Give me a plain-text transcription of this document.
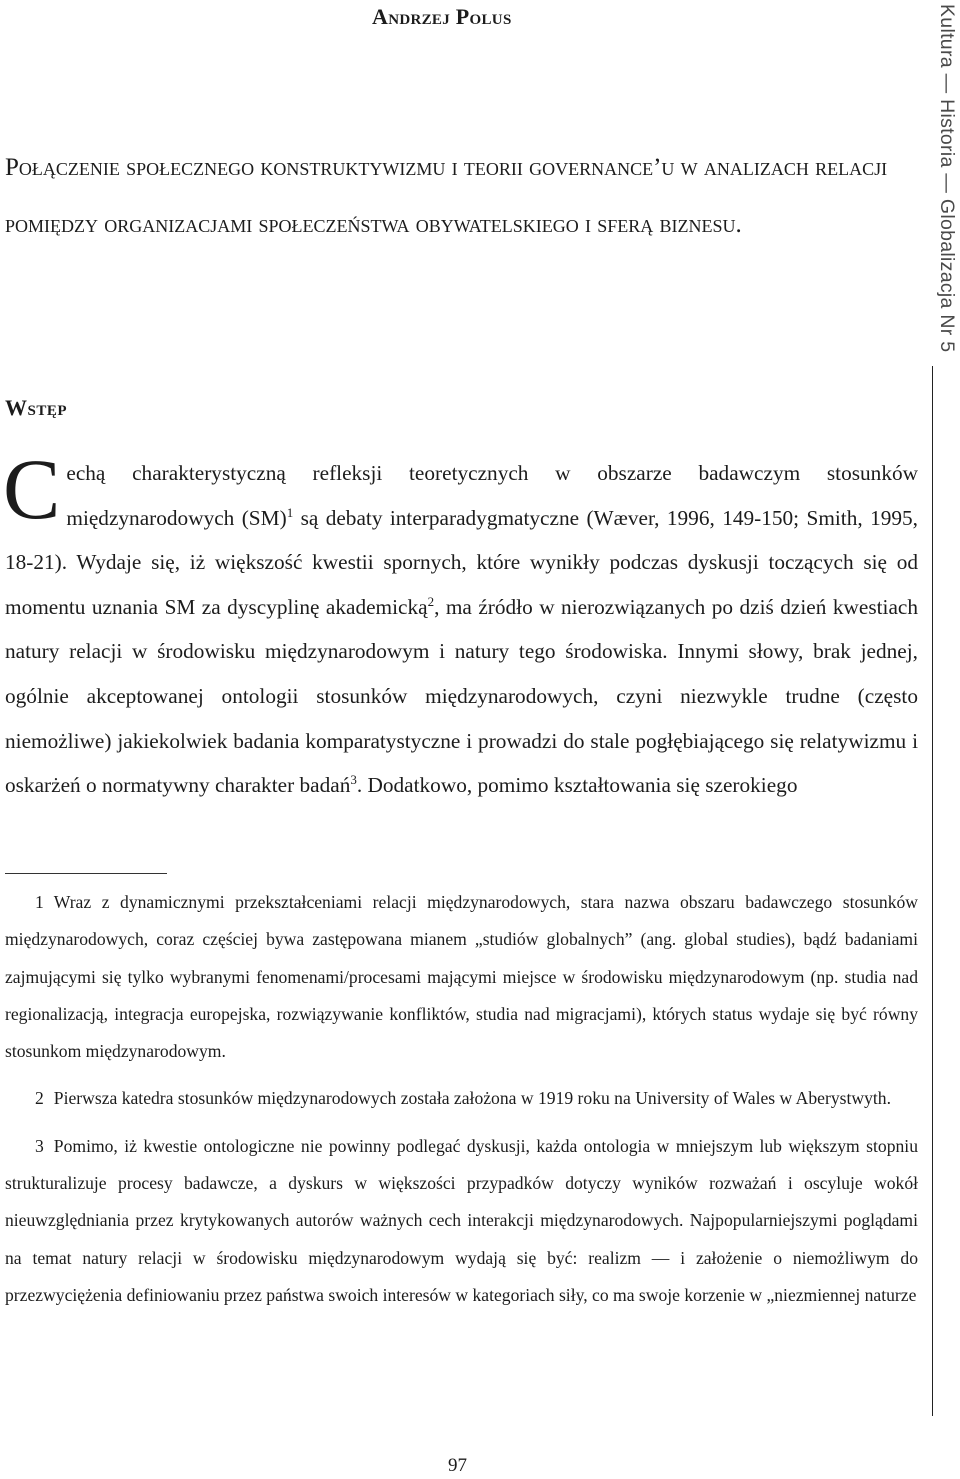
Andrzej Polus	Kultura — Historia — Globalizacja Nr 5
Połączenie społecznego konstruktywizmu i teorii governance’u w analizach relacji pomiędzy organizacjami społeczeństwa obywatelskiego i sferą biznesu.
Wstęp

Cechą charakterystyczną refleksji teoretycznych w obszarze badawczym stosunków międzynarodowych (SM)$^1$ są debaty interparadygmatyczne (Wæver, 1996, 149-150; Smith, 1995, 18-21). Wydaje się, iż większość kwestii spornych, które wynikły podczas dyskusji toczących się od momentu uznania SM za dyscyplinę akademicką$^2$, ma źródło w nierozwiązanych po dziś dzień kwestiach natury relacji w środowisku międzynarodowym i natury tego środowiska. Innymi słowy, brak jednej, ogólnie akceptowanej ontologii stosunków międzynarodowych, czyni niezwykle trudne (często niemożliwe) jakiekolwiek badania komparatystyczne i prowadzi do stale pogłębiającego się relatywizmu i oskarżeń o normatywny charakter badań$^3$. Dodatkowo, pomimo kształtowania się szerokiego

1 Wraz z dynamicznymi przekształceniami relacji międzynarodowych, stara nazwa obszaru badawczego stosunków międzynarodowych, coraz częściej bywa zastępowana mianem „studiów globalnych” (ang. global studies), bądź badaniami zajmującymi się tylko wybranymi fenomenami/procesami mającymi miejsce w środowisku międzynarodowym (np. studia nad regionalizacją, integracja europejska, rozwiązywanie konfliktów, studia nad migracjami), których status wydaje się być równy stosunkom międzynarodowym.

2 Pierwsza katedra stosunków międzynarodowych została założona w 1919 roku na University of Wales w Aberystwyth.

3 Pomimo, iż kwestie ontologiczne nie powinny podlegać dyskusji, każda ontologia w mniejszym lub większym stopniu strukturalizuje procesy badawcze, a dyskurs w większości przypadków dotyczy wyników rozważań i oscyluje wokół nieuwzględniania przez krytykowanych autorów ważnych cech interakcji międzynarodowych. Najpopularniejszymi poglądami na temat natury relacji w środowisku międzynarodowym wydają się być: realizm — i założenie o niemożliwym do przezwyciężenia definiowaniu przez państwa swoich interesów w kategoriach siły, co ma swoje korzenie w „niezmiennej naturze

97
